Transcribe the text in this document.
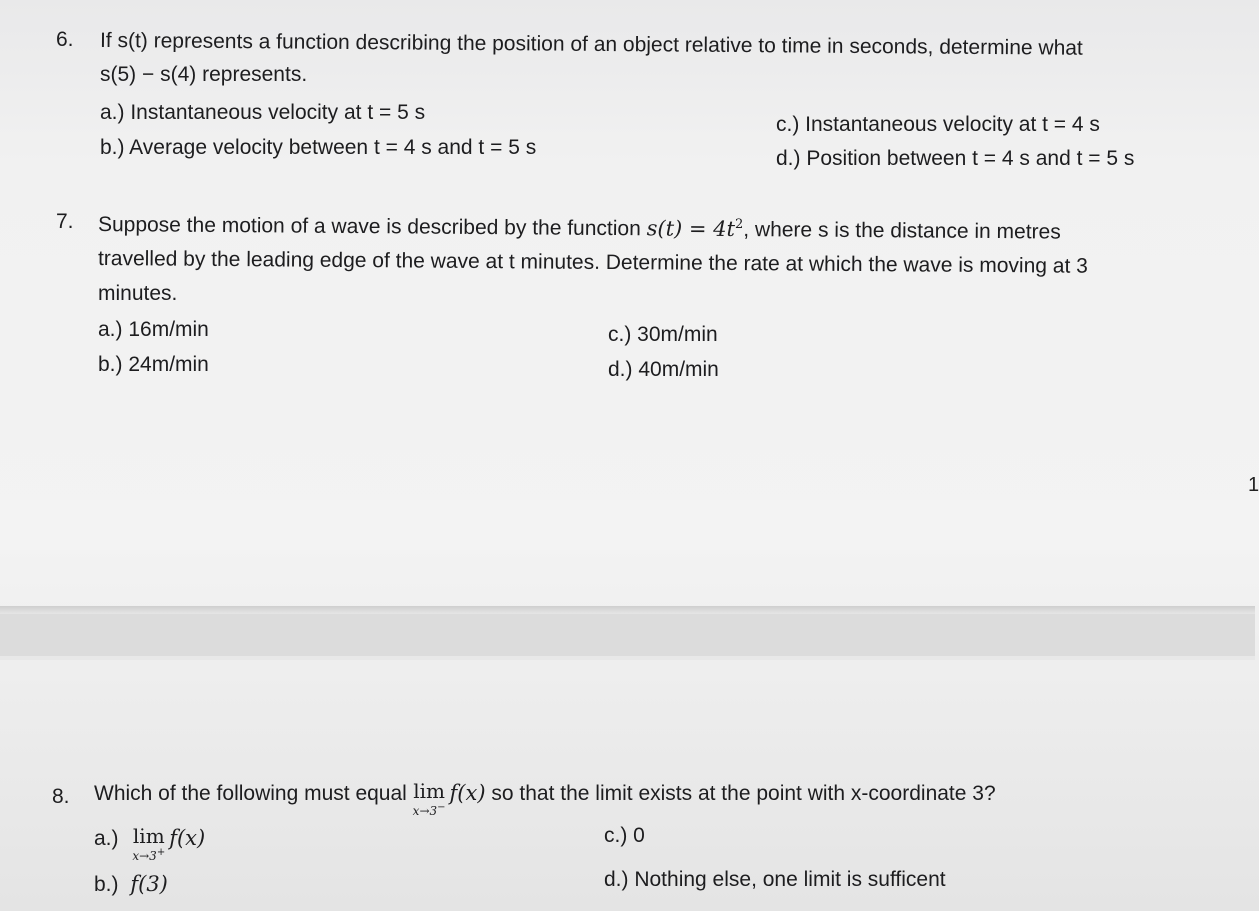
1
6. If s(t) represents a function describing the position of an object relative to time in seconds, determine what
s(5) − s(4) represents.
a.) Instantaneous velocity at t = 5 s
b.) Average velocity between t = 4 s and t = 5 s
c.) Instantaneous velocity at t = 4 s
d.) Position between t = 4 s and t = 5 s
7. Suppose the motion of a wave is described by the function $s(t) = 4t^2$, where s is the distance in metres
travelled by the leading edge of the wave at t minutes. Determine the rate at which the wave is moving at 3
minutes.
a.) 16m/min
b.) 24m/min
c.) 30m/min
d.) 40m/min
8. Which of the following must equal lim
x→3−
f(x) so that the limit exists at the point with x-coordinate 3?
a.) lim
x→3+
f(x)
b.) f(3)
c.) 0
d.) Nothing else, one limit is sufficent
